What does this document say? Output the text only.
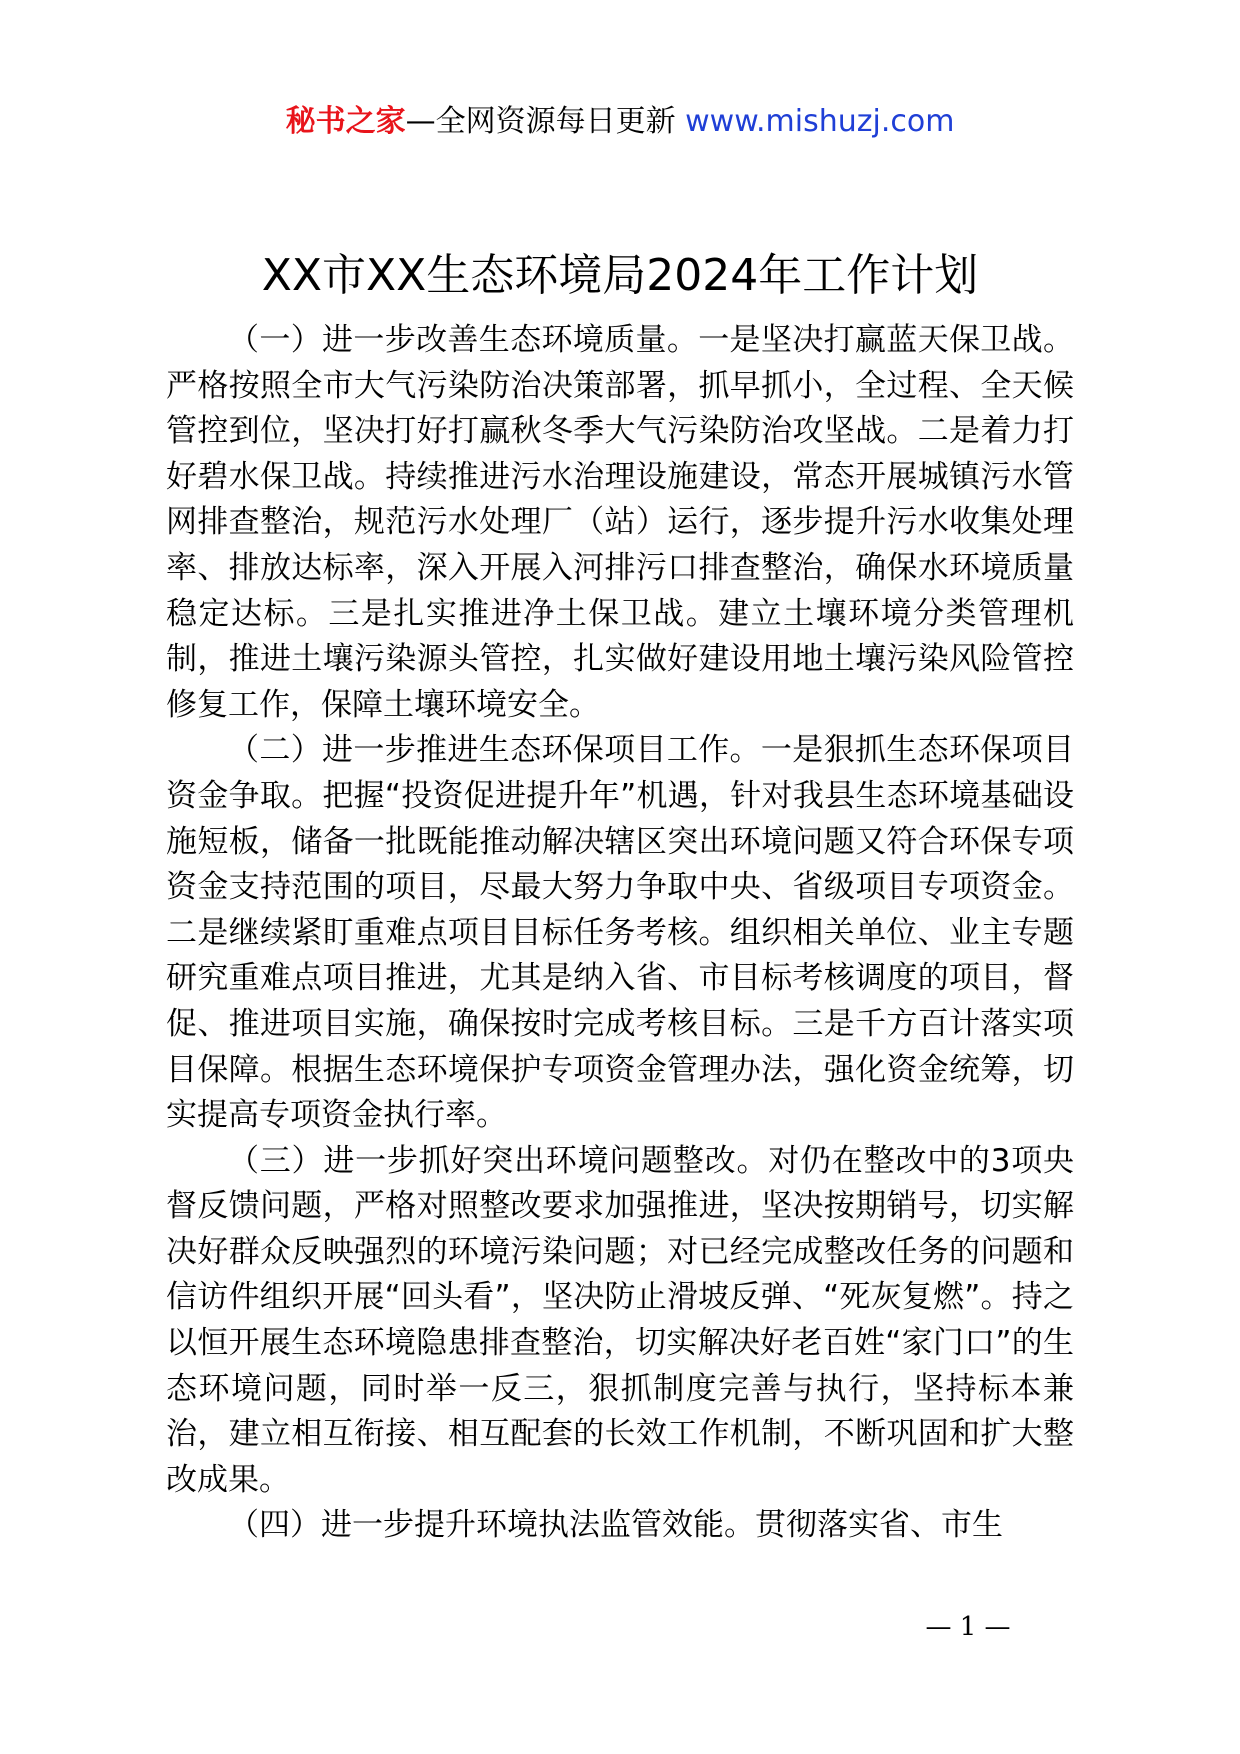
秘书之家—全网资源每日更新 www.mishuzj.com
XX市XX生态环境局2024年工作计划

（一）进一步改善生态环境质量。一是坚决打赢蓝天保卫战。严格按照全市大气污染防治决策部署，抓早抓小，全过程、全天候管控到位，坚决打好打赢秋冬季大气污染防治攻坚战。二是着力打好碧水保卫战。持续推进污水治理设施建设，常态开展城镇污水管网排查整治，规范污水处理厂（站）运行，逐步提升污水收集处理率、排放达标率，深入开展入河排污口排查整治，确保水环境质量稳定达标。三是扎实推进净土保卫战。建立土壤环境分类管理机制，推进土壤污染源头管控，扎实做好建设用地土壤污染风险管控修复工作，保障土壤环境安全。

（二）进一步推进生态环保项目工作。一是狠抓生态环保项目资金争取。把握“投资促进提升年”机遇，针对我县生态环境基础设施短板，储备一批既能推动解决辖区突出环境问题又符合环保专项资金支持范围的项目，尽最大努力争取中央、省级项目专项资金。二是继续紧盯重难点项目目标任务考核。组织相关单位、业主专题研究重难点项目推进，尤其是纳入省、市目标考核调度的项目，督促、推进项目实施，确保按时完成考核目标。三是千方百计落实项目保障。根据生态环境保护专项资金管理办法，强化资金统筹，切实提高专项资金执行率。

（三）进一步抓好突出环境问题整改。对仍在整改中的3项央督反馈问题，严格对照整改要求加强推进，坚决按期销号，切实解决好群众反映强烈的环境污染问题；对已经完成整改任务的问题和信访件组织开展“回头看”，坚决防止滑坡反弹、“死灰复燃”。持之以恒开展生态环境隐患排查整治，切实解决好老百姓“家门口”的生态环境问题，同时举一反三，狠抓制度完善与执行，坚持标本兼治，建立相互衔接、相互配套的长效工作机制，不断巩固和扩大整改成果。

（四）进一步提升环境执法监管效能。贯彻落实省、市生

— 1 —
